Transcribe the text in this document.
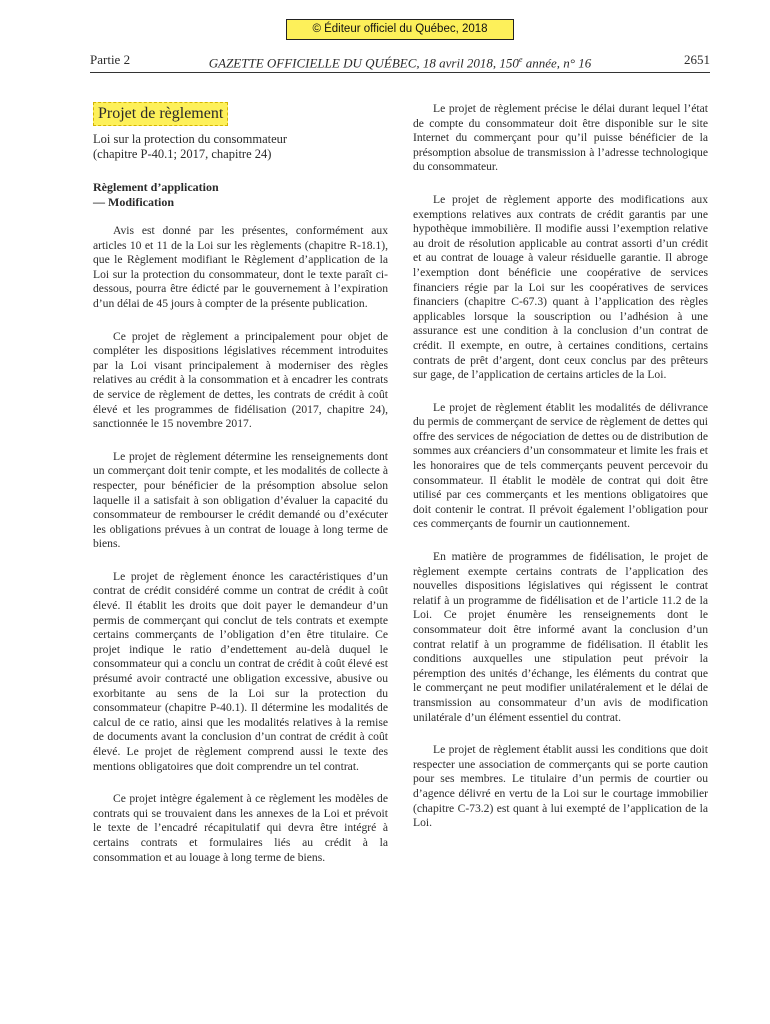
© Éditeur officiel du Québec, 2018
Partie 2	GAZETTE OFFICIELLE DU QUÉBEC, 18 avril 2018, 150e année, n° 16	2651
Projet de règlement
Loi sur la protection du consommateur
(chapitre P-40.1; 2017, chapitre 24)
Règlement d’application
— Modification

Avis est donné par les présentes, conformément aux articles 10 et 11 de la Loi sur les règlements (chapitre R-18.1), que le Règlement modifiant le Règlement d’application de la Loi sur la protection du consommateur, dont le texte paraît ci-dessous, pourra être édicté par le gouvernement à l’expiration d’un délai de 45 jours à compter de la présente publication.

Ce projet de règlement a principalement pour objet de compléter les dispositions législatives récemment introduites par la Loi visant principalement à moderniser des règles relatives au crédit à la consommation et à encadrer les contrats de service de règlement de dettes, les contrats de crédit à coût élevé et les programmes de fidélisation (2017, chapitre 24), sanctionnée le 15 novembre 2017.

Le projet de règlement détermine les renseignements dont un commerçant doit tenir compte, et les modalités de collecte à respecter, pour bénéficier de la présomption absolue selon laquelle il a satisfait à son obligation d’évaluer la capacité du consommateur de rembourser le crédit demandé ou d’exécuter les obligations prévues à un contrat de louage à long terme de biens.

Le projet de règlement énonce les caractéristiques d’un contrat de crédit considéré comme un contrat de crédit à coût élevé. Il établit les droits que doit payer le demandeur d’un permis de commerçant qui conclut de tels contrats et exempte certains commerçants de l’obligation d’en être titulaire. Ce projet indique le ratio d’endettement au-delà duquel le consommateur qui a conclu un contrat de crédit à coût élevé est présumé avoir contracté une obligation excessive, abusive ou exorbitante au sens de la Loi sur la protection du consommateur (chapitre P-40.1). Il détermine les modalités de calcul de ce ratio, ainsi que les modalités relatives à la remise de documents avant la conclusion d’un contrat de crédit à coût élevé. Le projet de règlement comprend aussi le texte des mentions obligatoires que doit comprendre un tel contrat.

Ce projet intègre également à ce règlement les modèles de contrats qui se trouvaient dans les annexes de la Loi et prévoit le texte de l’encadré récapitulatif qui devra être intégré à certains contrats et formulaires liés au crédit à la consommation et au louage à long terme de biens.

Le projet de règlement précise le délai durant lequel l’état de compte du consommateur doit être disponible sur le site Internet du commerçant pour qu’il puisse bénéficier de la présomption absolue de transmission à l’adresse technologique du consommateur.

Le projet de règlement apporte des modifications aux exemptions relatives aux contrats de crédit garantis par une hypothèque immobilière. Il modifie aussi l’exemption relative au droit de résolution applicable au contrat assorti d’un crédit et au contrat de louage à valeur résiduelle garantie. Il abroge l’exemption dont bénéficie une coopérative de services financiers régie par la Loi sur les coopératives de services financiers (chapitre C-67.3) quant à l’application des règles applicables lorsque la souscription ou l’adhésion à une assurance est une condition à la conclusion d’un contrat de crédit. Il exempte, en outre, à certaines conditions, certains contrats de prêt d’argent, dont ceux conclus par des prêteurs sur gage, de l’application de certains articles de la Loi.

Le projet de règlement établit les modalités de délivrance du permis de commerçant de service de règlement de dettes qui offre des services de négociation de dettes ou de distribution de sommes aux créanciers d’un consommateur et limite les frais et les honoraires que de tels commerçants peuvent percevoir du consommateur. Il établit le modèle de contrat qui doit être utilisé par ces commerçants et les mentions obligatoires que doit contenir le contrat. Il prévoit également l’obligation pour ces commerçants de fournir un cautionnement.

En matière de programmes de fidélisation, le projet de règlement exempte certains contrats de l’application des nouvelles dispositions législatives qui régissent le contrat relatif à un programme de fidélisation et de l’article 11.2 de la Loi. Ce projet énumère les renseignements dont le consommateur doit être informé avant la conclusion d’un contrat relatif à un programme de fidélisation. Il établit les conditions auxquelles une stipulation peut prévoir la péremption des unités d’échange, les éléments du contrat que le commerçant ne peut modifier unilatéralement et le délai de transmission au consommateur d’un avis de modification unilatérale d’un élément essentiel du contrat.

Le projet de règlement établit aussi les conditions que doit respecter une association de commerçants qui se porte caution pour ses membres. Le titulaire d’un permis de courtier ou d’agence délivré en vertu de la Loi sur le courtage immobilier (chapitre C-73.2) est quant à lui exempté de l’application de la Loi.
